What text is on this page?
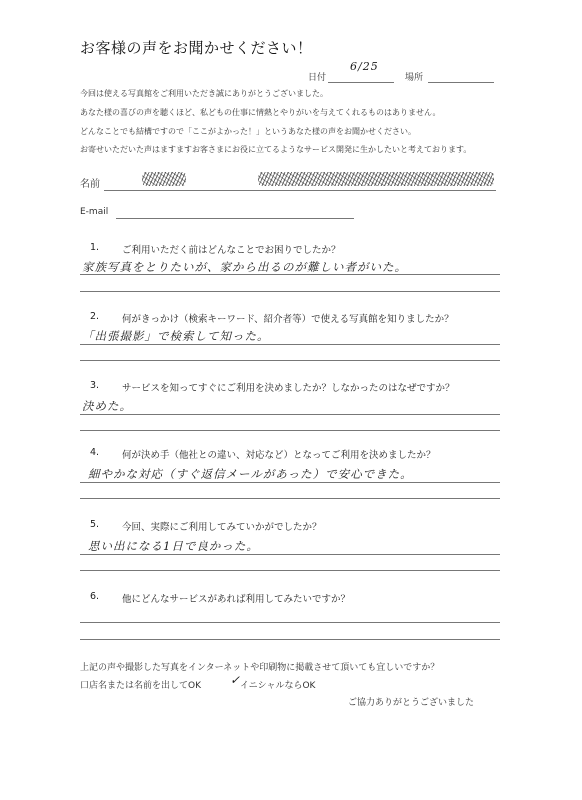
お客様の声をお聞かせください！
日付
6/25
場所
今回は使える写真館をご利用いただき誠にありがとうございました。
あなた様の喜びの声を聴くほど、私どもの仕事に情熱とやりがいを与えてくれるものはありません。
どんなことでも結構ですので「ここがよかった！」というあなた様の声をお聞かせください。
お寄せいただいた声はますますお客さまにお役に立てるようなサービス開発に生かしたいと考えております。
名前
E-mail
1. ご利用いただく前はどんなことでお困りでしたか？
家族写真をとりたいが、家から出るのが難しい者がいた。
2. 何がきっかけ（検索キーワード、紹介者等）で使える写真館を知りましたか？
「出張撮影」で検索して知った。
3. サービスを知ってすぐにご利用を決めましたか？しなかったのはなぜですか？
決めた。
4. 何が決め手（他社との違い、対応など）となってご利用を決めましたか？
細やかな対応（すぐ返信メールがあった）で安心できた。
5. 今回、実際にご利用してみていかがでしたか？
思い出になる1日で良かった。
6. 他にどんなサービスがあれば利用してみたいですか？
上記の声や撮影した写真をインターネットや印刷物に掲載させて頂いても宜しいですか？
口店名または名前を出してOK ✓
イニシャルならOK
ご協力ありがとうございました
